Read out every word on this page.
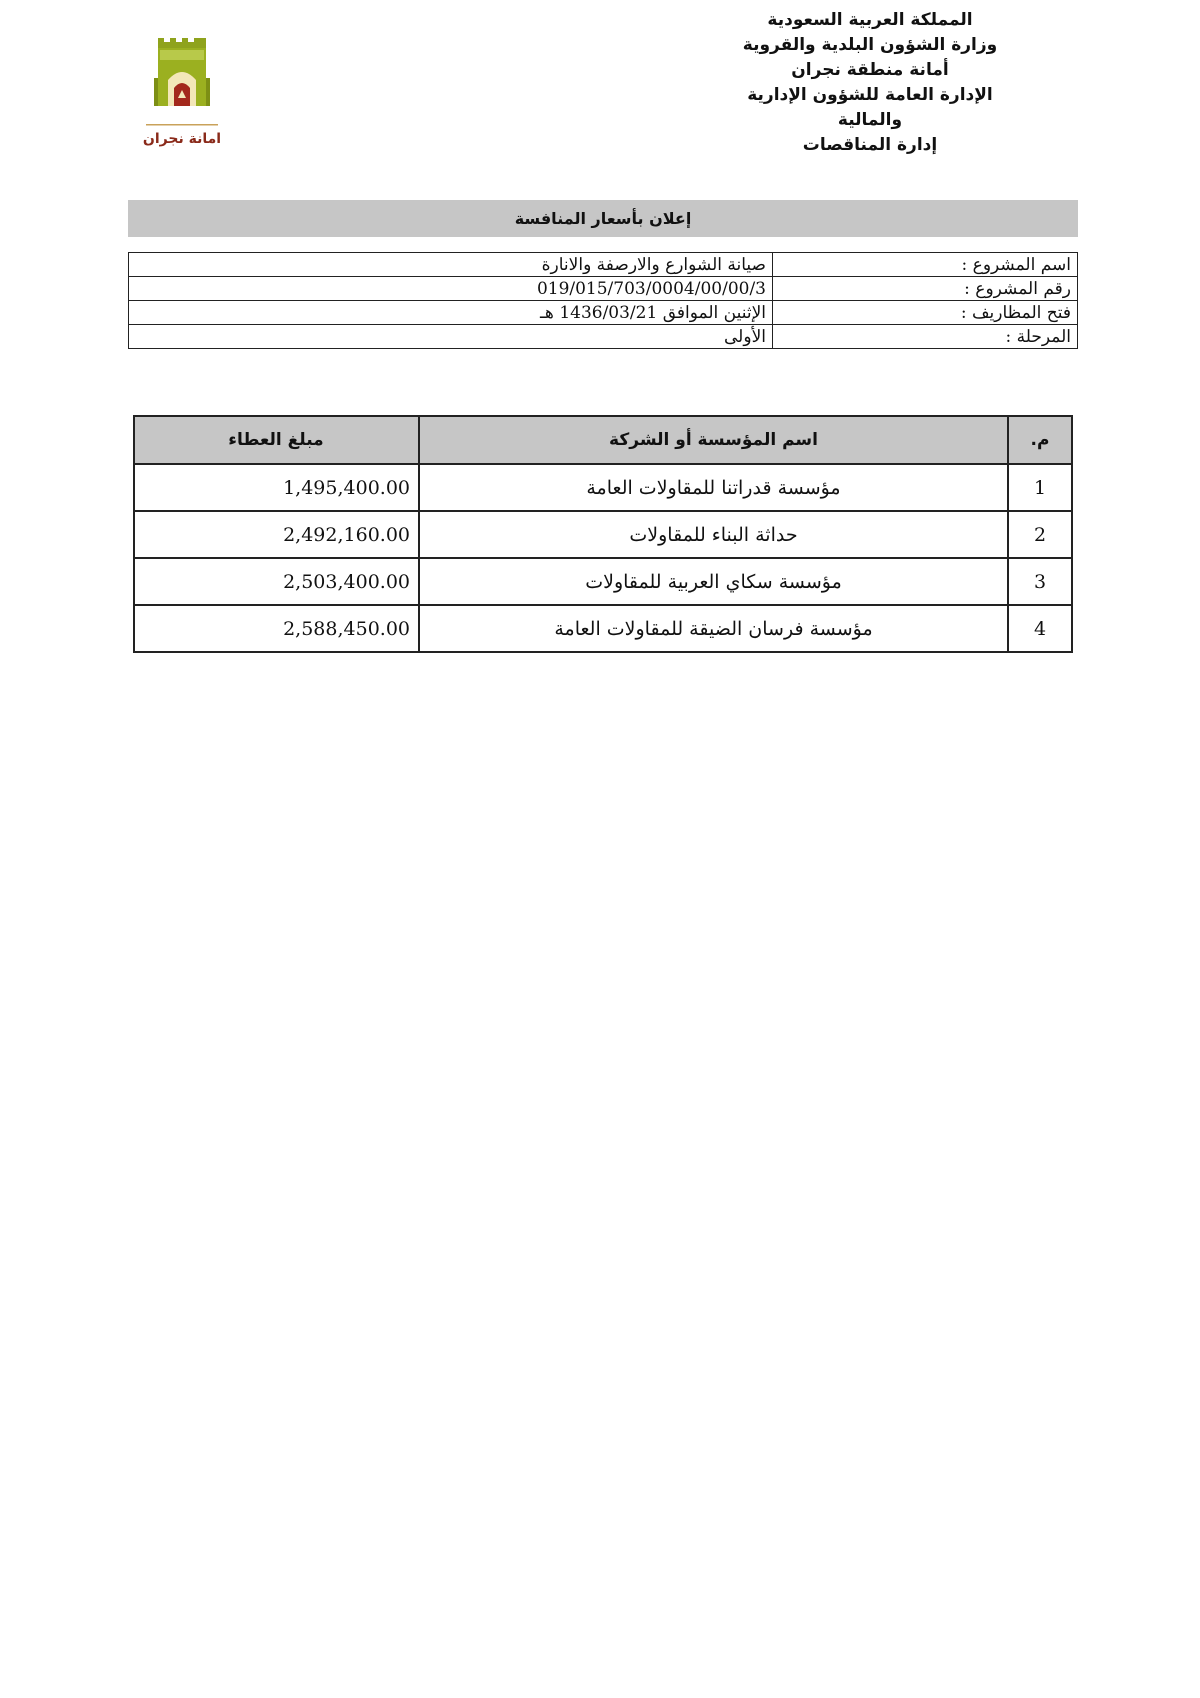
المملكة العربية السعودية
وزارة الشؤون البلدية والقروية
أمانة منطقة نجران
الإدارة العامة للشؤون الإدارية
والمالية
إدارة المناقصات
امانة نجران
إعلان بأسعار المنافسة
اسم المشروع :	صيانة الشوارع والارصفة والانارة
رقم المشروع :	019/015/703/0004/00/00/3
فتح المظاريف :	الإثنين الموافق 1436/03/21 هـ
المرحلة :	الأولى
م.	اسم المؤسسة أو الشركة	مبلغ العطاء
1	مؤسسة قدراتنا للمقاولات العامة	1,495,400.00
2	حداثة البناء للمقاولات	2,492,160.00
3	مؤسسة سكاي العربية للمقاولات	2,503,400.00
4	مؤسسة فرسان الضيقة للمقاولات العامة	2,588,450.00
